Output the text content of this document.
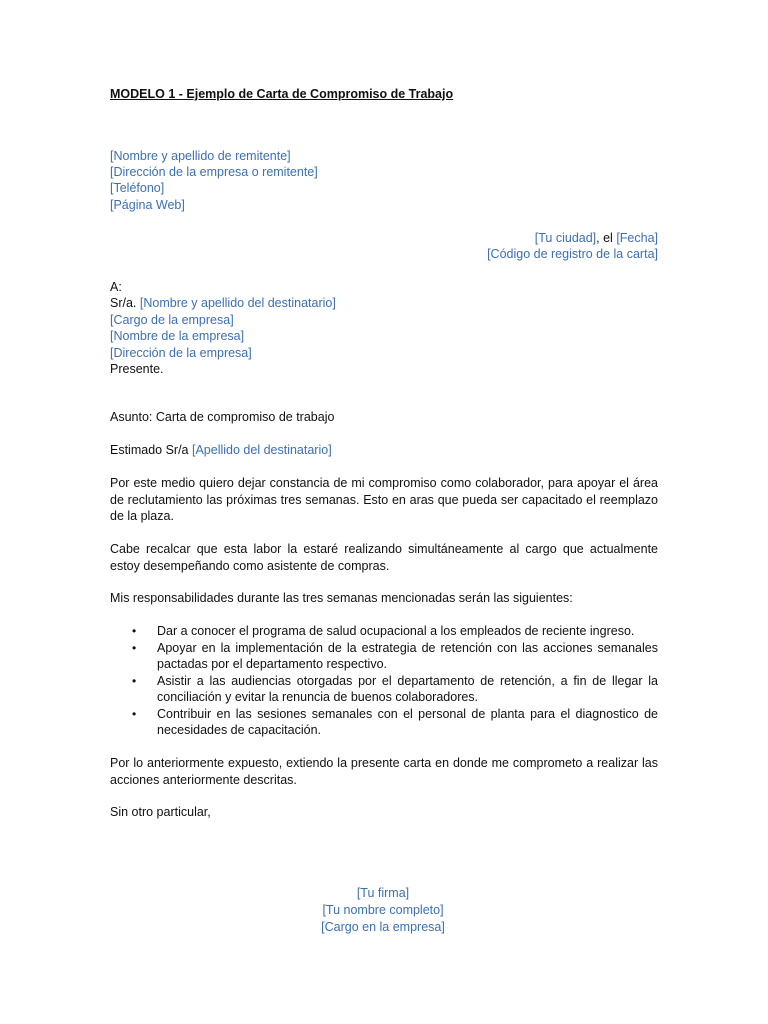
MODELO 1 - Ejemplo de Carta de Compromiso de Trabajo
[Nombre y apellido de remitente]
[Dirección de la empresa o remitente]
[Teléfono]
[Página Web]
[Tu ciudad], el [Fecha]
[Código de registro de la carta]
A:
Sr/a. [Nombre y apellido del destinatario]
[Cargo de la empresa]
[Nombre de la empresa]
[Dirección de la empresa]
Presente.
Asunto: Carta de compromiso de trabajo
Estimado Sr/a [Apellido del destinatario]
Por este medio quiero dejar constancia de mi compromiso como colaborador, para apoyar el área de reclutamiento las próximas tres semanas. Esto en aras que pueda ser capacitado el reemplazo de la plaza.
Cabe recalcar que esta labor la estaré realizando simultáneamente al cargo que actualmente estoy desempeñando como asistente de compras.
Mis responsabilidades durante las tres semanas mencionadas serán las siguientes:
• Dar a conocer el programa de salud ocupacional a los empleados de reciente ingreso.
• Apoyar en la implementación de la estrategia de retención con las acciones semanales pactadas por el departamento respectivo.
• Asistir a las audiencias otorgadas por el departamento de retención, a fin de llegar la conciliación y evitar la renuncia de buenos colaboradores.
• Contribuir en las sesiones semanales con el personal de planta para el diagnostico de necesidades de capacitación.
Por lo anteriormente expuesto, extiendo la presente carta en donde me comprometo a realizar las acciones anteriormente descritas.
Sin otro particular,
[Tu firma]
[Tu nombre completo]
[Cargo en la empresa]
